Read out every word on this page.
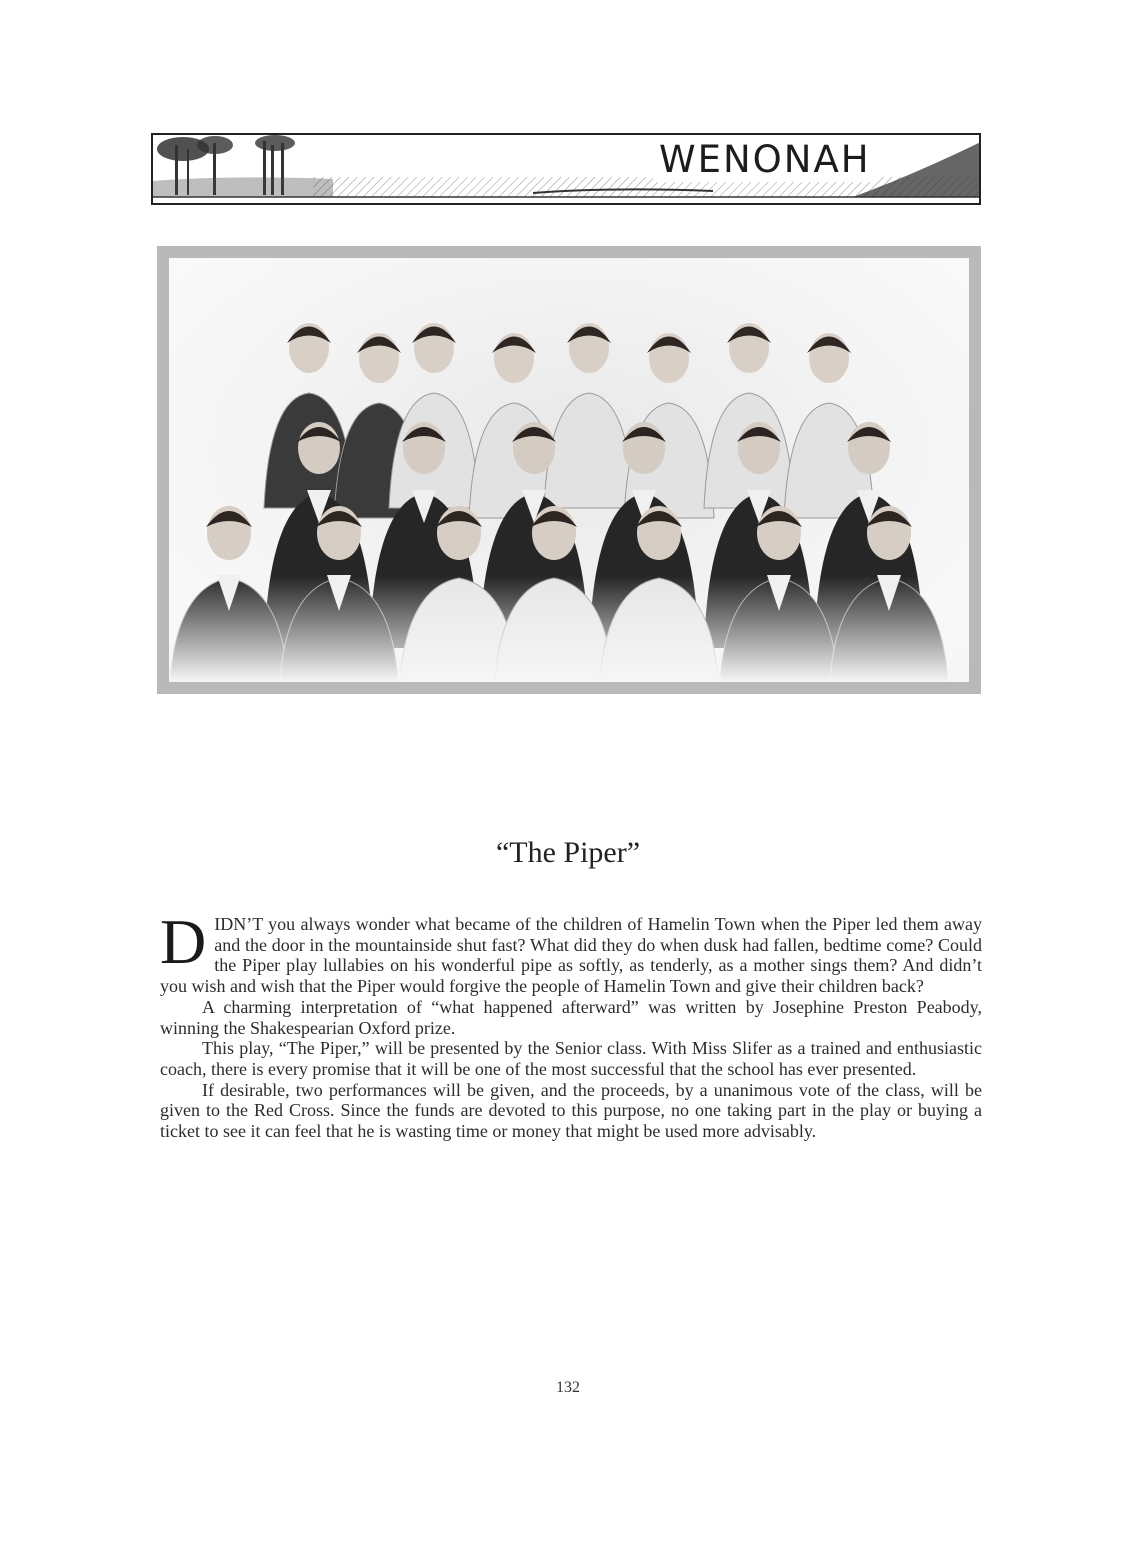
WENONAH
“The Piper”

DIDN’T you always wonder what became of the children of Hamelin Town when the Piper led them away and the door in the mountainside shut fast? What did they do when dusk had fallen, bedtime come? Could the Piper play lullabies on his wonderful pipe as softly, as tenderly, as a mother sings them? And didn’t you wish and wish that the Piper would forgive the people of Hamelin Town and give their children back?

A charming interpretation of “what happened afterward” was written by Josephine Preston Peabody, winning the Shakespearian Oxford prize.

This play, “The Piper,” will be presented by the Senior class. With Miss Slifer as a trained and enthusiastic coach, there is every promise that it will be one of the most successful that the school has ever presented.

If desirable, two performances will be given, and the proceeds, by a unanimous vote of the class, will be given to the Red Cross. Since the funds are devoted to this purpose, no one taking part in the play or buying a ticket to see it can feel that he is wasting time or money that might be used more advisably.

132
